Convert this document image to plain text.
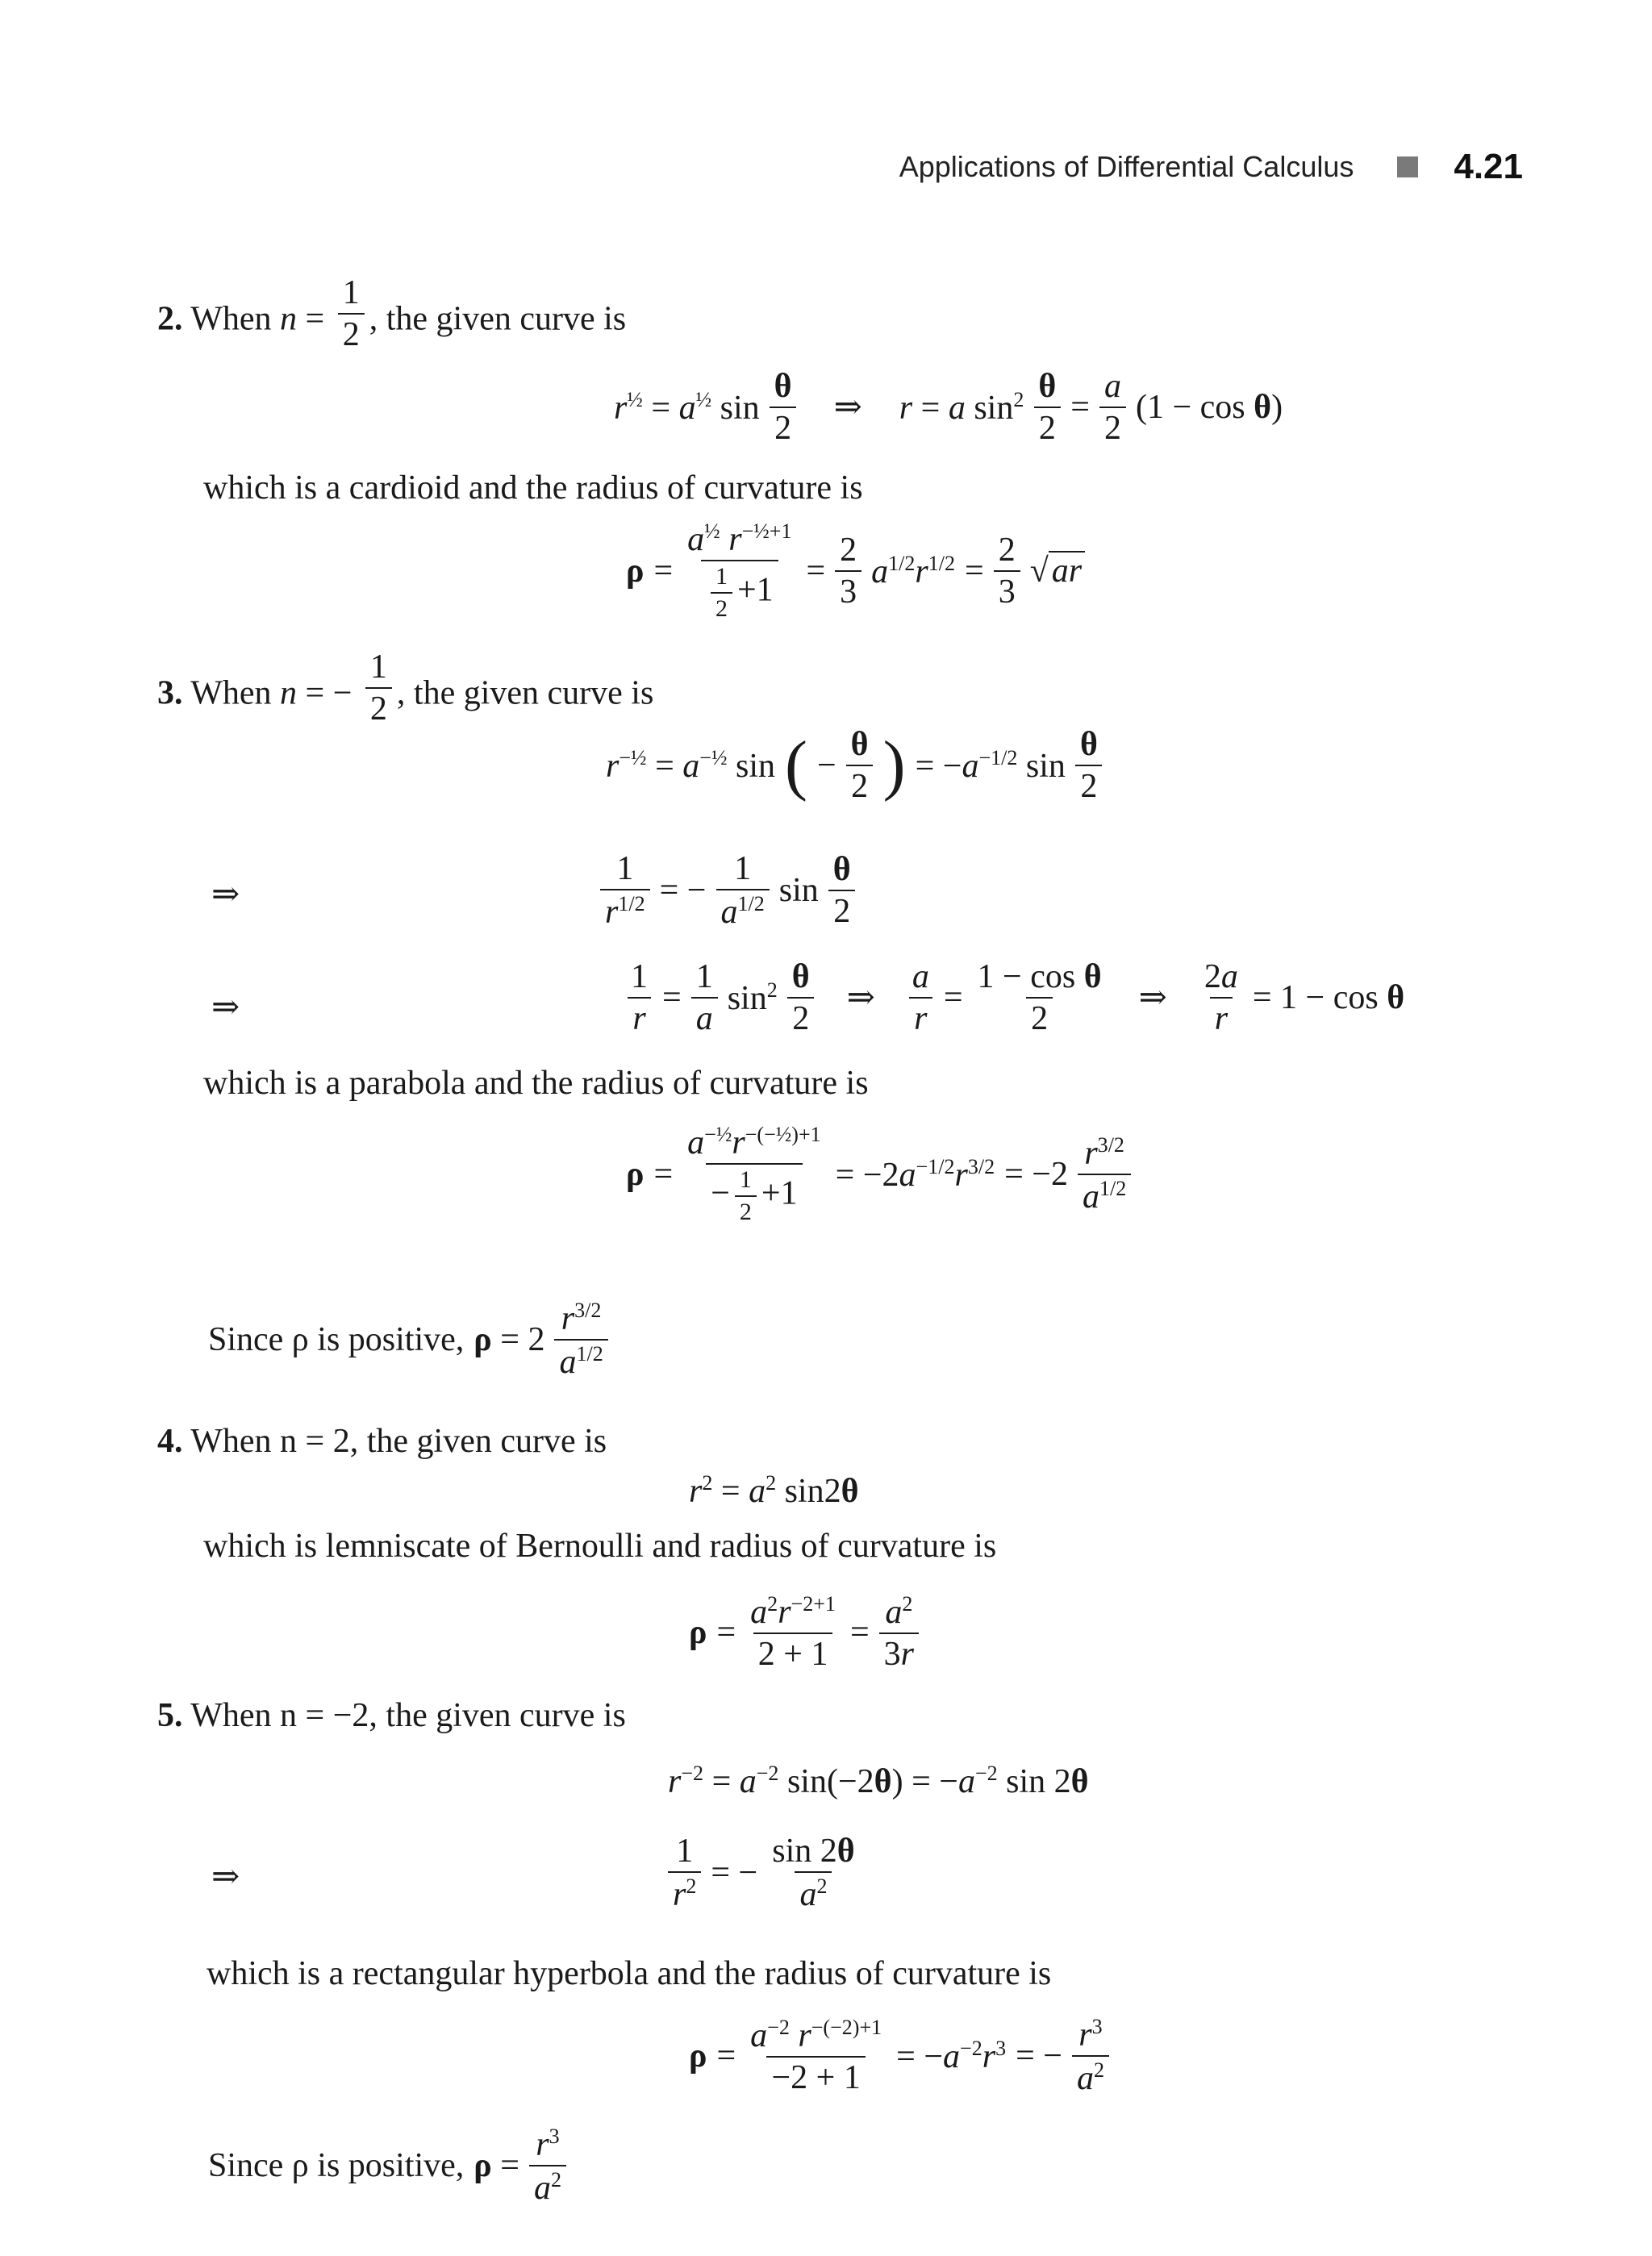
Applications of Differential Calculus	4.21
2. When $n = \frac{1}{2}$ , the given curve is
$r^{\frac{1}{2}} = a^{\frac{1}{2}}$ $\sin \frac{\theta}{2}$ ⇒ r = a $\sin^2 \frac{\theta}{2} = \frac{a}{2} (1 - \cos \theta)$
which is a cardioid and the radius of curvature is
$\rho = \frac{a^{\frac{1}{2}} r^{-\frac{1}{2}+1}}{\frac{1}{2} +1} = \frac{2}{3} a^{1/2}r^{1/2} = \frac{2}{3} √ar$
3. When n = − $\frac{1}{2}$ , the given curve is
$r^{-\frac{1}{2}} = a^{-\frac{1}{2}}$ sin ( − $\frac{\theta}{2}$ ) = $-a^{-1/2}$ $\sin \frac{\theta}{2}$
⇒	$\frac{1}{r^{1/2}}$ = − $\frac{1}{a^{1/2}}$ $\sin \frac{\theta}{2}$
⇒	$\frac{1}{r} = \frac{1}{a} \sin^2 \frac{\theta}{2}$ ⇒ $\frac{a}{r} = \frac{\text{1 − cos θ}}{2}$ ⇒ $\frac{2a}{r} = 1 - \cos \theta$
which is a parabola and the radius of curvature is
$\rho = \frac{a^{-\frac{1}{2}}r^{-(-\frac{1}{2})+1}}{- \frac{1}{2} +1} = -2a^{-1/2}r^{3/2} = -2 \frac{r^{3/2}}{a^{1/2}}$
Since ρ is positive, $\rho = 2 \frac{r^{3/2}}{a^{1/2}}$
4. When n = 2, the given curve is
$r^2 = a^2$ sin2θ
which is lemniscate of Bernoulli and radius of curvature is
$\rho = \frac{a^2r^{-2+1}}{2 + 1} = \frac{a^2}{3r}$
5. When n = −2, the given curve is
$r^{-2} = a^{-2}$ $\sin(-2\theta) = -a^{-2}$ sin 2θ
⇒	$\frac{1}{r^2}$ = − $\frac{\sin 2\theta}{a^2}$
which is a rectangular hyperbola and the radius of curvature is
$\rho = \frac{a^{-2} r^{-(-2)+1}}{-2 + 1} = -a^{-2}r^3$ = − $\frac{r^3}{a^2}$
Since ρ is positive, $\rho = \frac{r^3}{a^2}$
